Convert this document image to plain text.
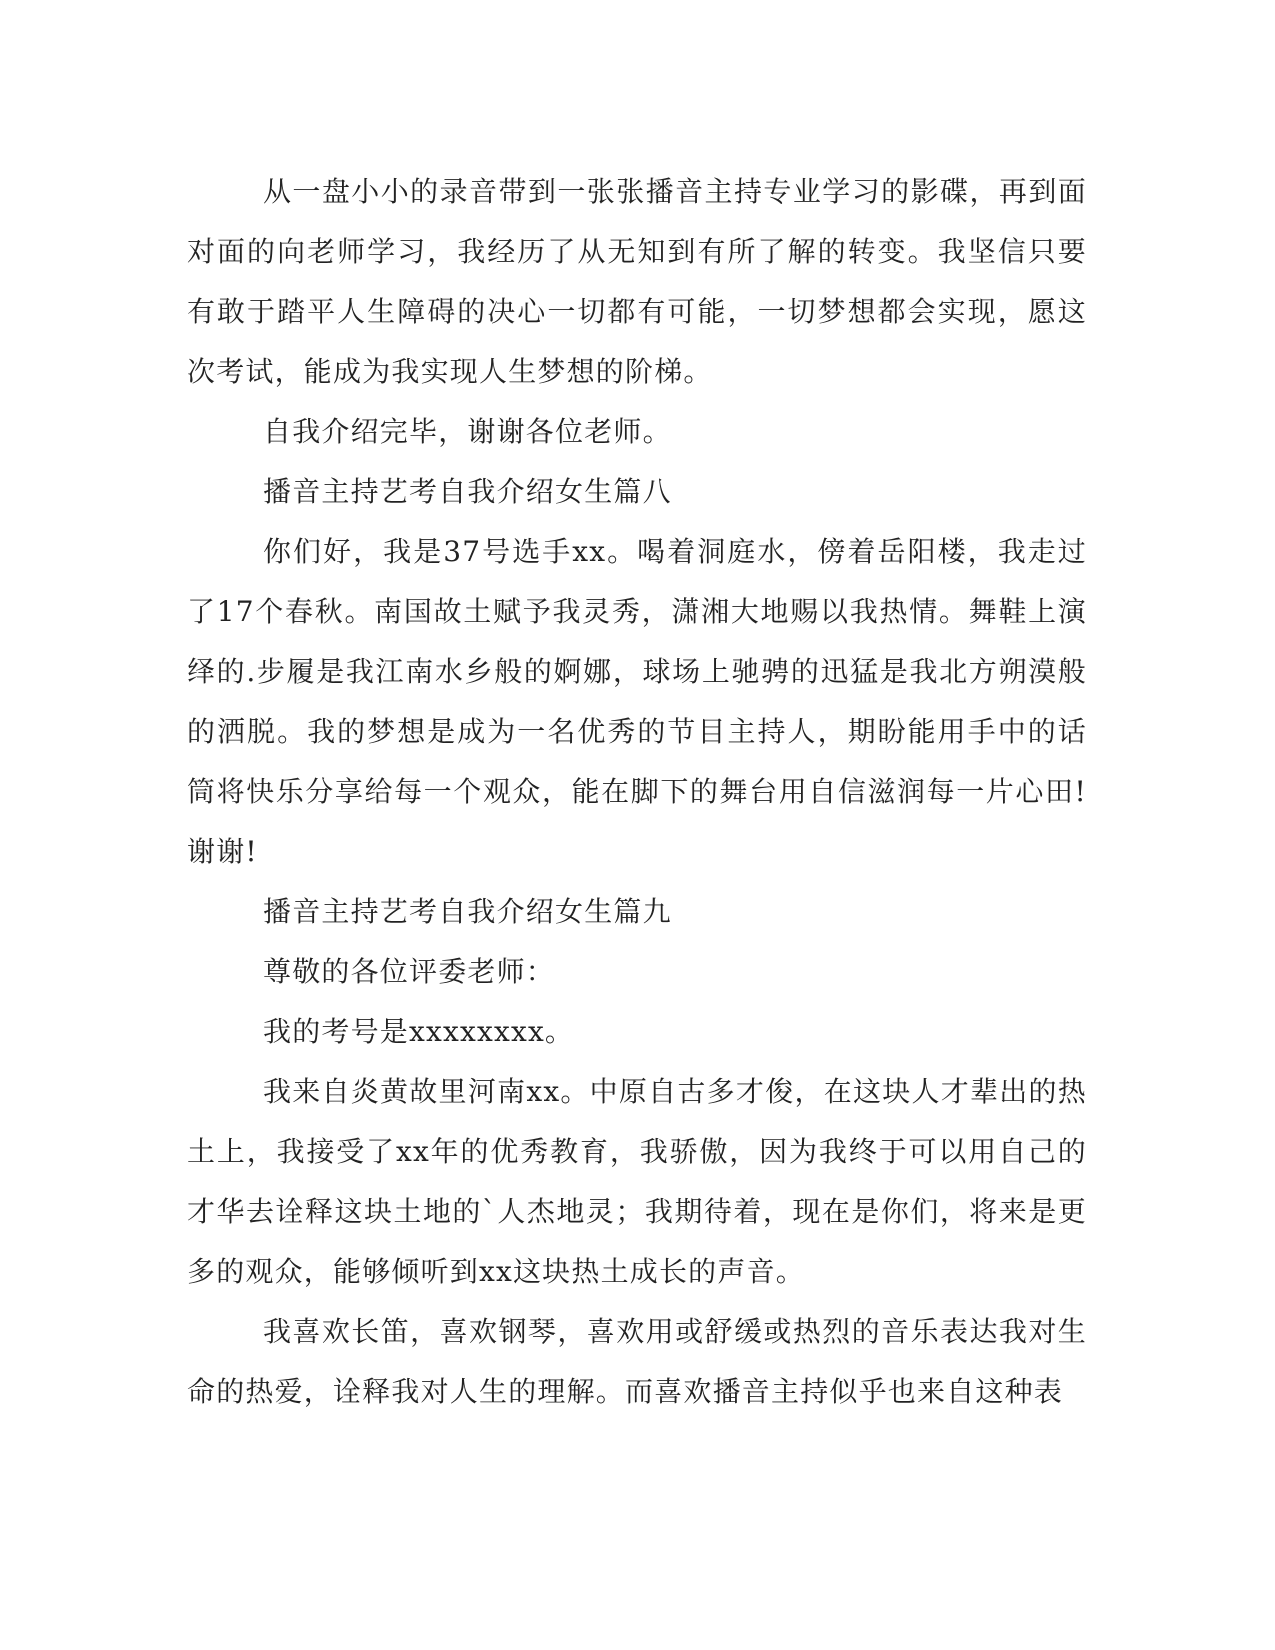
从一盘小小的录音带到一张张播音主持专业学习的影碟，再到面对面的向老师学习，我经历了从无知到有所了解的转变。我坚信只要有敢于踏平人生障碍的决心一切都有可能，一切梦想都会实现，愿这次考试，能成为我实现人生梦想的阶梯。

自我介绍完毕，谢谢各位老师。

播音主持艺考自我介绍女生篇八

你们好，我是37号选手xx。喝着洞庭水，傍着岳阳楼，我走过了17个春秋。南国故土赋予我灵秀，潇湘大地赐以我热情。舞鞋上演绎的.步履是我江南水乡般的婀娜，球场上驰骋的迅猛是我北方朔漠般的洒脱。我的梦想是成为一名优秀的节目主持人，期盼能用手中的话筒将快乐分享给每一个观众，能在脚下的舞台用自信滋润每一片心田!谢谢!

播音主持艺考自我介绍女生篇九

尊敬的各位评委老师：

我的考号是xxxxxxxx。

我来自炎黄故里河南xx。中原自古多才俊，在这块人才辈出的热土上，我接受了xx年的优秀教育，我骄傲，因为我终于可以用自己的才华去诠释这块土地的`人杰地灵；我期待着，现在是你们，将来是更多的观众，能够倾听到xx这块热土成长的声音。

我喜欢长笛，喜欢钢琴，喜欢用或舒缓或热烈的音乐表达我对生命的热爱，诠释我对人生的理解。而喜欢播音主持似乎也来自这种表
